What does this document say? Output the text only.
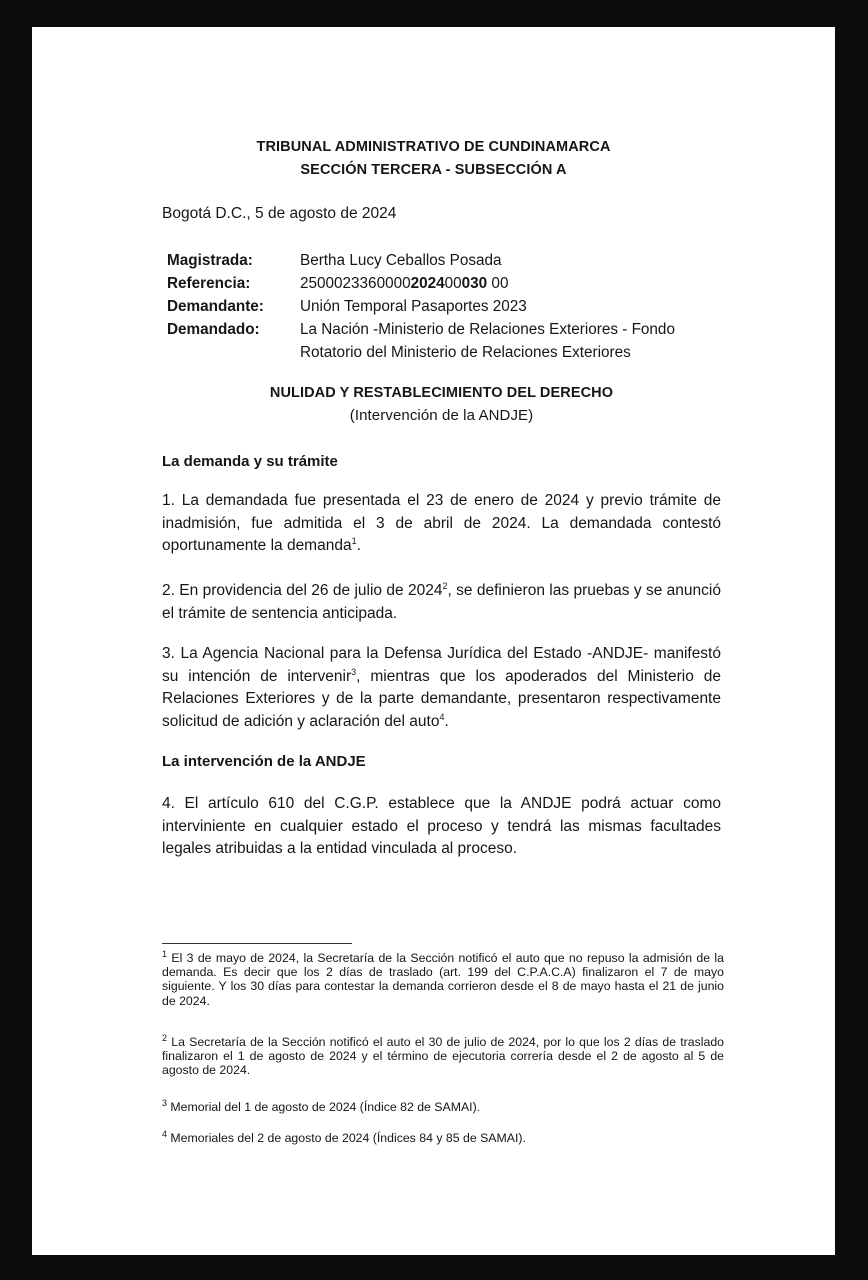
TRIBUNAL ADMINISTRATIVO DE CUNDINAMARCA
SECCIÓN TERCERA - SUBSECCIÓN A
Bogotá D.C., 5 de agosto de 2024
Magistrada:	Bertha Lucy Ceballos Posada
Referencia:	2500023360000202400030 00
Demandante:	Unión Temporal Pasaportes 2023
Demandado:	La Nación -Ministerio de Relaciones Exteriores - Fondo
Rotatorio del Ministerio de Relaciones Exteriores
NULIDAD Y RESTABLECIMIENTO DEL DERECHO
(Intervención de la ANDJE)
La demanda y su trámite
1. La demandada fue presentada el 23 de enero de 2024 y previo trámite de inadmisión, fue admitida el 3 de abril de 2024. La demandada contestó oportunamente la demanda$^1$.
2. En providencia del 26 de julio de 2024$^2$, se definieron las pruebas y se anunció el trámite de sentencia anticipada.
3. La Agencia Nacional para la Defensa Jurídica del Estado -ANDJE- manifestó su intención de intervenir$^3$, mientras que los apoderados del Ministerio de Relaciones Exteriores y de la parte demandante, presentaron respectivamente solicitud de adición y aclaración del auto$^4$.
La intervención de la ANDJE
4. El artículo 610 del C.G.P. establece que la ANDJE podrá actuar como interviniente en cualquier estado el proceso y tendrá las mismas facultades legales atribuidas a la entidad vinculada al proceso.
$^1$ El 3 de mayo de 2024, la Secretaría de la Sección notificó el auto que no repuso la admisión de la demanda. Es decir que los 2 días de traslado (art. 199 del C.P.A.C.A) finalizaron el 7 de mayo siguiente. Y los 30 días para contestar la demanda corrieron desde el 8 de mayo hasta el 21 de junio de 2024.
$^2$ La Secretaría de la Sección notificó el auto el 30 de julio de 2024, por lo que los 2 días de traslado finalizaron el 1 de agosto de 2024 y el término de ejecutoria correría desde el 2 de agosto al 5 de agosto de 2024.
$^3$ Memorial del 1 de agosto de 2024 (Índice 82 de SAMAI).
$^4$ Memoriales del 2 de agosto de 2024 (Índices 84 y 85 de SAMAI).
